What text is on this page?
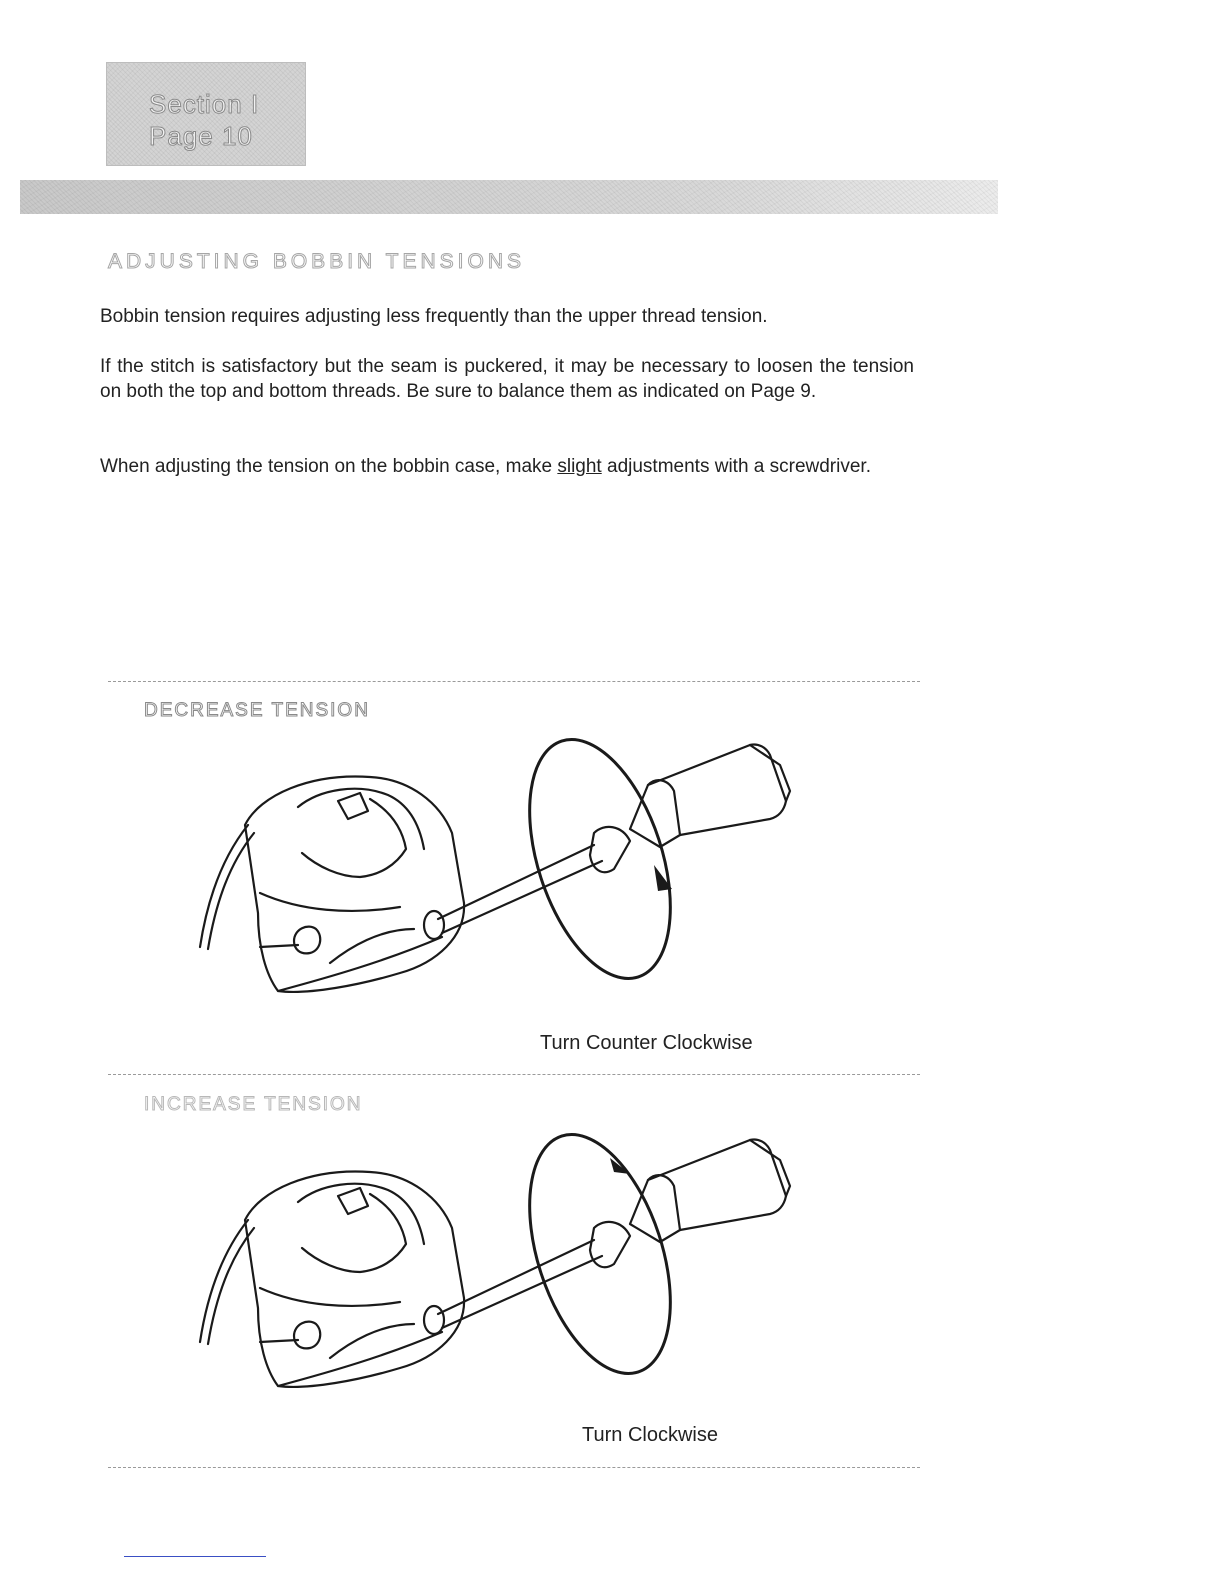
Section I
Page 10
ADJUSTING BOBBIN TENSIONS

Bobbin tension requires adjusting less frequently than the upper thread tension.

If the stitch is satisfactory but the seam is puckered, it may be necessary to loosen the tension on both the top and bottom threads. Be sure to balance them as indicated on Page 9.

When adjusting the tension on the bobbin case, make slight adjustments with a screwdriver.

DECREASE TENSION
Turn Counter Clockwise
INCREASE TENSION
Turn Clockwise
